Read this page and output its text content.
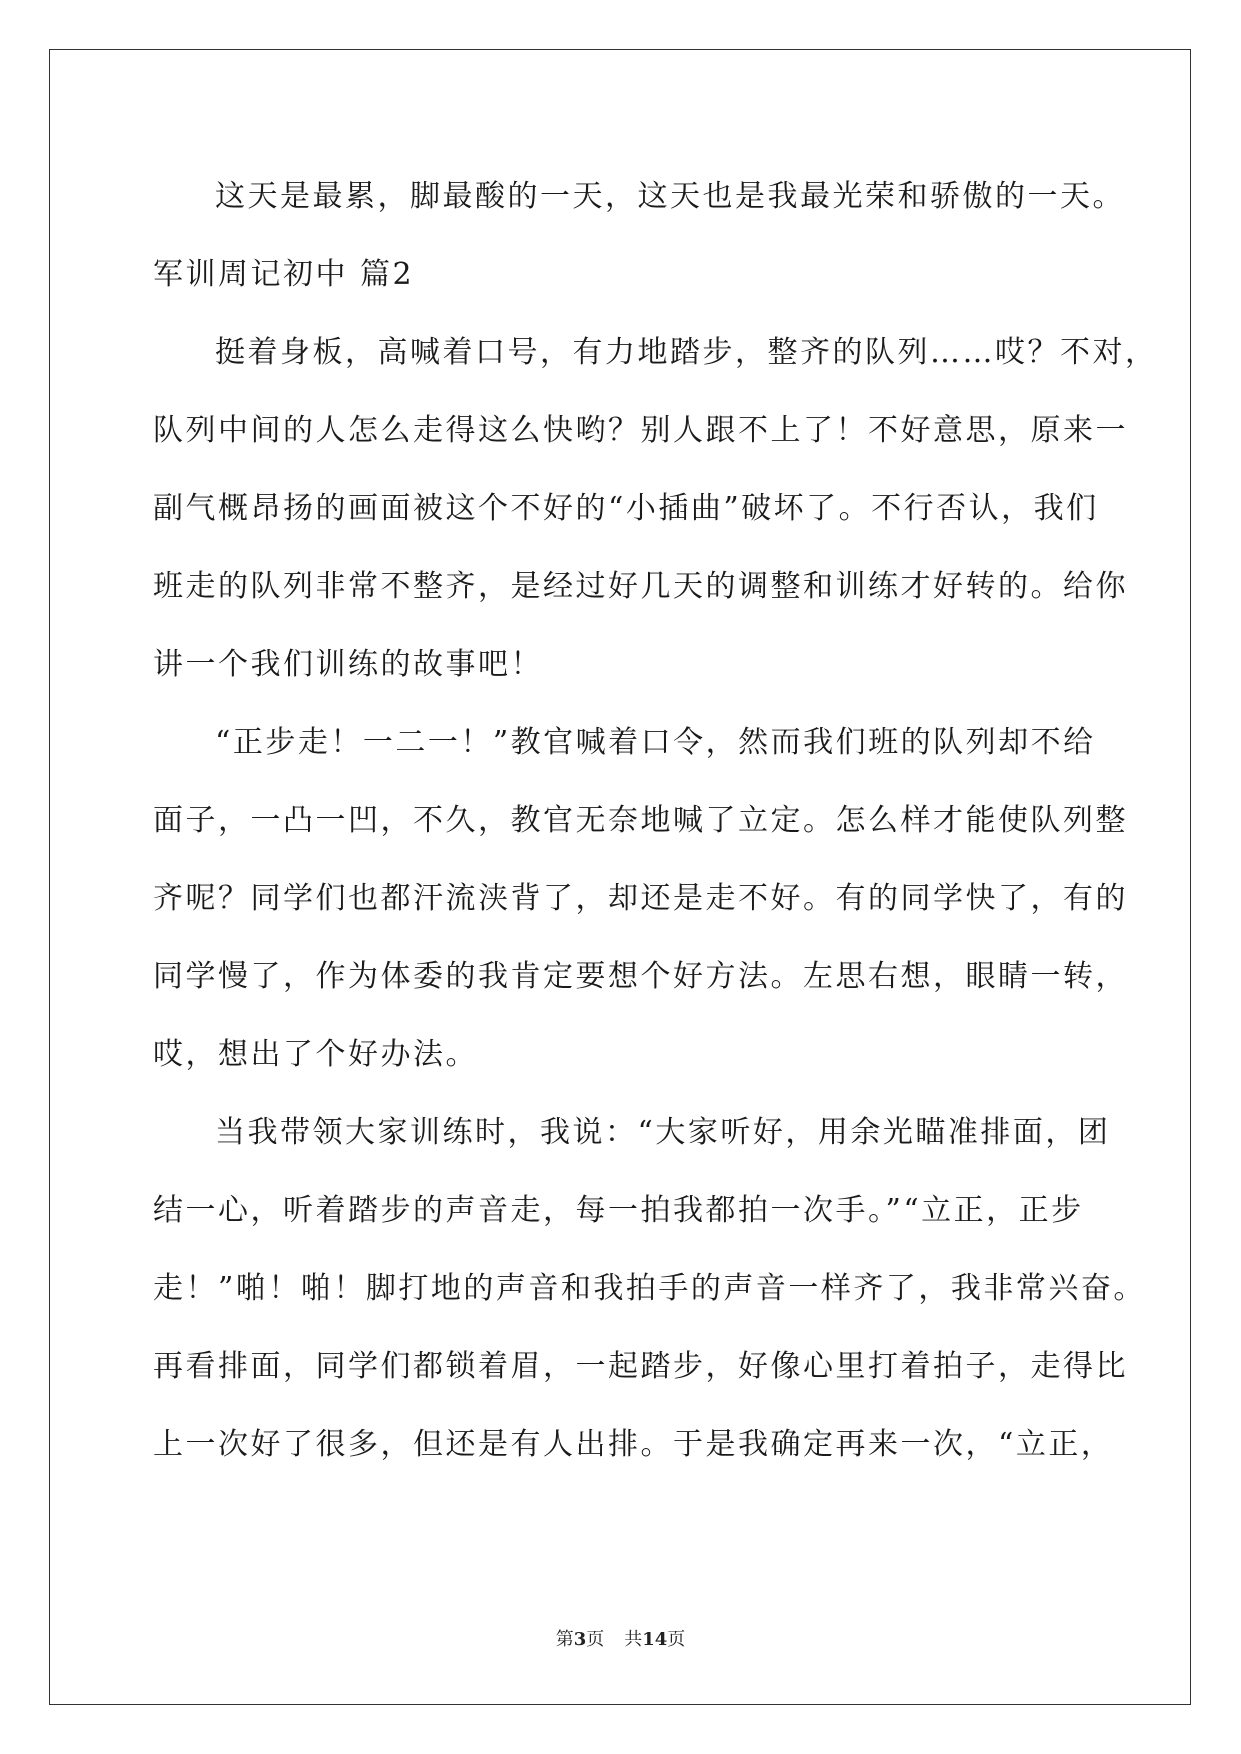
这天是最累，脚最酸的一天，这天也是我最光荣和骄傲的一天。
军训周记初中 篇2
挺着身板，高喊着口号，有力地踏步，整齐的队列……哎？不对，
队列中间的人怎么走得这么快哟？别人跟不上了！不好意思，原来一
副气概昂扬的画面被这个不好的“小插曲”破坏了。不行否认，我们
班走的队列非常不整齐，是经过好几天的调整和训练才好转的。给你
讲一个我们训练的故事吧！
“正步走！一二一！”教官喊着口令，然而我们班的队列却不给
面子，一凸一凹，不久，教官无奈地喊了立定。怎么样才能使队列整
齐呢？同学们也都汗流浃背了，却还是走不好。有的同学快了，有的
同学慢了，作为体委的我肯定要想个好方法。左思右想，眼睛一转，
哎，想出了个好办法。
当我带领大家训练时，我说：“大家听好，用余光瞄准排面，团
结一心，听着踏步的声音走，每一拍我都拍一次手。”“立正，正步
走！”啪！啪！脚打地的声音和我拍手的声音一样齐了，我非常兴奋。
再看排面，同学们都锁着眉，一起踏步，好像心里打着拍子，走得比
上一次好了很多，但还是有人出排。于是我确定再来一次，“立正，
第3页 共14页
